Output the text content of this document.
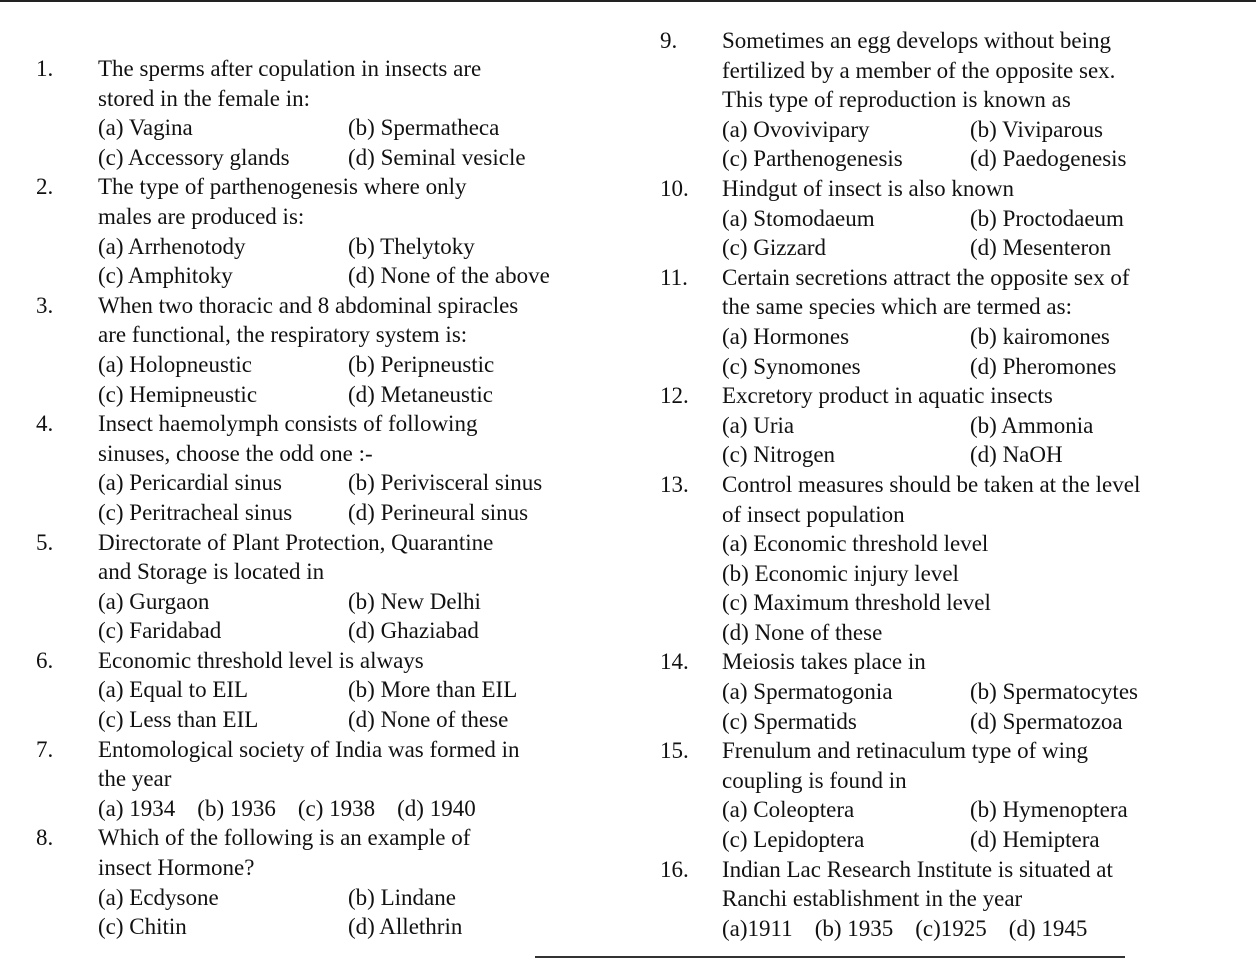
1. The sperms after copulation in insects are
stored in the female in:
(a) Vagina	(b) Spermatheca
(c) Accessory glands	(d) Seminal vesicle
2. The type of parthenogenesis where only
males are produced is:
(a) Arrhenotody	(b) Thelytoky
(c) Amphitoky	(d) None of the above
3. When two thoracic and 8 abdominal spiracles
are functional, the respiratory system is:
(a) Holopneustic	(b) Peripneustic
(c) Hemipneustic	(d) Metaneustic
4. Insect haemolymph consists of following
sinuses, choose the odd one :-
(a) Pericardial sinus	(b) Perivisceral sinus
(c) Peritracheal sinus	(d) Perineural sinus
5. Directorate of Plant Protection, Quarantine
and Storage is located in
(a) Gurgaon	(b) New Delhi
(c) Faridabad	(d) Ghaziabad
6. Economic threshold level is always
(a) Equal to EIL	(b) More than EIL
(c) Less than EIL	(d) None of these
7. Entomological society of India was formed in
the year
(a) 1934 (b) 1936 (c) 1938 (d) 1940
8. Which of the following is an example of
insect Hormone?
(a) Ecdysone	(b) Lindane
(c) Chitin	(d) Allethrin
9. Sometimes an egg develops without being
fertilized by a member of the opposite sex.
This type of reproduction is known as
(a) Ovovivipary	(b) Viviparous
(c) Parthenogenesis	(d) Paedogenesis
10. Hindgut of insect is also known
(a) Stomodaeum	(b) Proctodaeum
(c) Gizzard	(d) Mesenteron
11. Certain secretions attract the opposite sex of
the same species which are termed as:
(a) Hormones	(b) kairomones
(c) Synomones	(d) Pheromones
12. Excretory product in aquatic insects
(a) Uria	(b) Ammonia
(c) Nitrogen	(d) NaOH
13. Control measures should be taken at the level
of insect population
(a) Economic threshold level
(b) Economic injury level
(c) Maximum threshold level
(d) None of these
14. Meiosis takes place in
(a) Spermatogonia	(b) Spermatocytes
(c) Spermatids	(d) Spermatozoa
15. Frenulum and retinaculum type of wing
coupling is found in
(a) Coleoptera	(b) Hymenoptera
(c) Lepidoptera	(d) Hemiptera
16. Indian Lac Research Institute is situated at
Ranchi establishment in the year
(a)1911 (b) 1935 (c)1925 (d) 1945
